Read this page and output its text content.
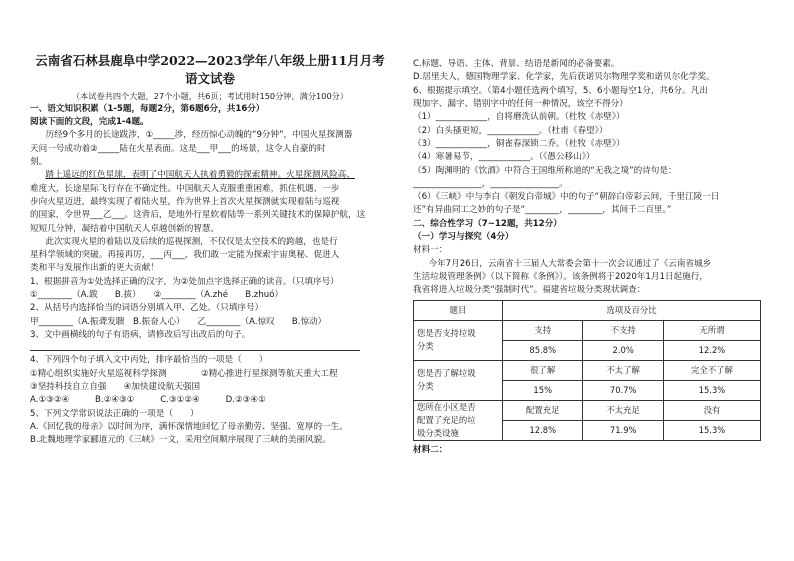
云南省石林县鹿阜中学2022—2023学年八年级上册11月月考
语文试卷

（本试卷共四个大题，27个小题，共6页；考试用时150分钟，满分100分）

一、语文知识积累（1-5题，每题2分，第6题6分，共16分）

阅读下面的文段，完成1-4题。

历经9个多月的长途跋涉，①_____涉，经历惊心动魄的“9分钟”，中国火星探测器

天问一号成功着②_____陆在火星表面。这是___甲___的场景，这令人自豪的时

刻。

踏上遥远的红色星球，表明了中国航天人执着勇毅的探索精神。火星探测风险高、

难度大，长途星际飞行存在不确定性。中国航天人克服重重困难，抓住机遇、一步

步向火星迈进，最终实现了着陆火星，作为世界上首次火星探测就实现着陆与巡视

的国家，令世界___乙___。这背后，是地外行星软着陆等一系列关键技术的保障护航，这

短短几分钟，凝结着中国航天人卓越创新的智慧。

此次实现火星的着陆以及后续的巡视探测，不仅仅是太空技术的跨越，也是行

星科学领域的突破。再接再厉，___丙___，我们敢一定能为探索宇宙奥秘、促进人

类和平与发展作出新的更大贡献！

1、根据拼音为①处选择正确的汉字，为②处加点字选择正确的读音。（只填序号）

①________（A.跋　　B.拔）　　②________（A.zhé　　B.zhuó）

2、从括号内选择恰当的词语分别填入甲、乙处。（只填序号）

甲________（A.振聋发聩　B.振奋人心）　　乙________（A.惊叹　　B.惊动）

3、文中画横线的句子有语病，请修改后写出改后的句子。

4、下列四个句子填入文中丙处，排序最恰当的一项是（　　）

①精心组织实施好火星巡视科学探测　　　　②精心推进行星探测等航天重大工程

③坚持科技自立自强　　④加快建设航天强国

A.①③②④　　　B.②④③①　　　C.③①②④　　　D.②③④①

5、下列文学常识说法正确的一项是（　　）

A.《回忆我的母亲》以时间为序，满怀深情地回忆了母亲勤劳、坚强、宽厚的一生。

B.北魏地理学家郦道元的《三峡》一文，采用空间顺序展现了三峡的美丽风貌。

C.标题、导语、主体、背景、结语是新闻的必备要素。

D.居里夫人，德国物理学家、化学家，先后获诺贝尔物理学奖和诺贝尔化学奖。

6、根据提示填空。（第4小题任选两个填写，5、6小题每空1分，共6分。凡出

现加字、漏字、错别字中的任何一种情况，该空不得分）

（1）____________，自将磨洗认前朝。（杜牧《赤壁》）

（2）白头搔更短，____________。（杜甫《春望》）

（3）____________，铜雀春深锁二乔。（杜牧《赤壁》）

（4）寒暑易节，____________。（《愚公移山》）

（5）陶渊明的《饮酒》中符合王国维所称道的“无我之境”的诗句是：

________________，________________。

（6）《三峡》中与李白《朝发白帝城》中的句子“朝辞白帝彩云间，千里江陵一日

还”有异曲同工之妙的句子是“________，________，其间千二百里。”

二、综合性学习（7~12题，共12分）

（一）学习与探究（4分）

材料一：

今年7月26日，云南省十三届人大常委会第十一次会议通过了《云南省城乡

生活垃圾管理条例》（以下简称《条例》）。该条例将于2020年1月1日起施行，

我省将进入垃圾分类“强制时代”。福建省垃圾分类现状调查：

题目	选项及百分比		

您是否支持垃圾
分类	支持	不支持	无所谓
	85.8%	2.0%	12.2%

您是否了解垃圾
分类	很了解	不太了解	完全不了解
	15%	70.7%	15.3%

您所在小区是否
配置了充足的垃
圾分类设施	配置充足	不太充足	没有
	12.8%	71.9%	15.3%

材料二：
